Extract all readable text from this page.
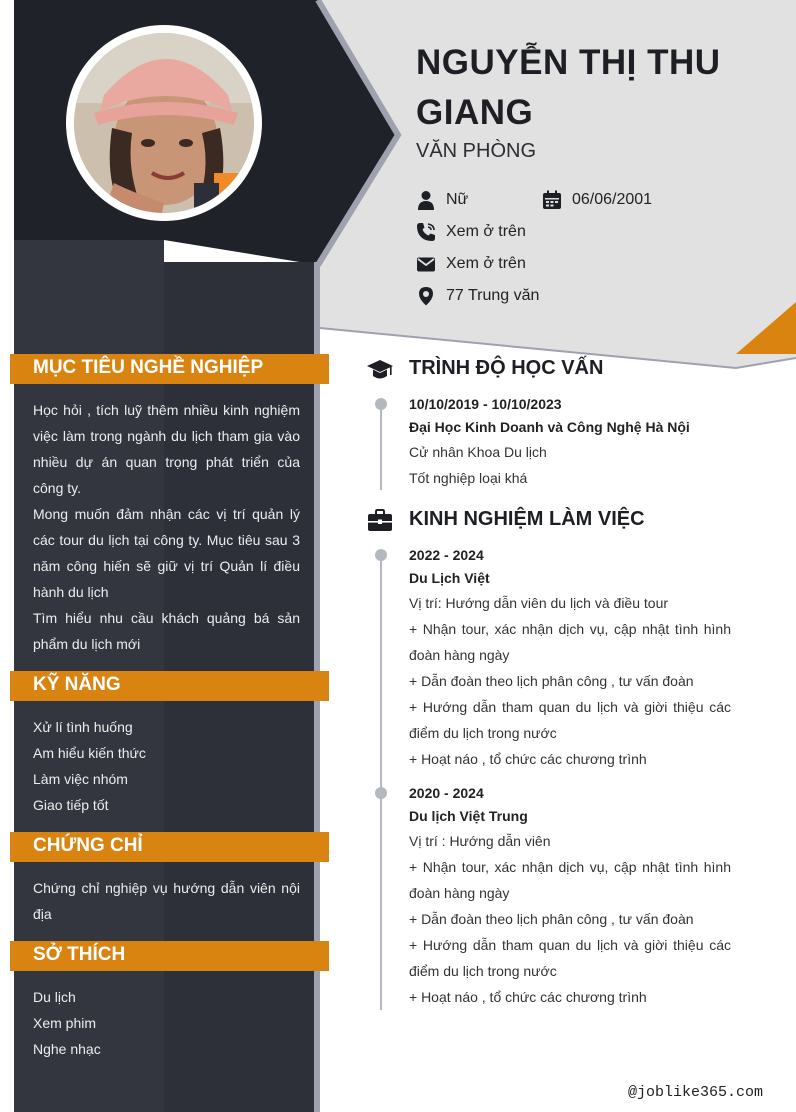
NGUYỄN THỊ THU GIANG
VĂN PHÒNG
Nữ	06/06/2001
Xem ở trên
Xem ở trên
77 Trung văn
MỤC TIÊU NGHỀ NGHIỆP
Học hỏi , tích luỹ thêm nhiều kinh nghiệm việc làm trong ngành du lịch tham gia vào nhiều dự án quan trọng phát triển của công ty.
Mong muốn đảm nhận các vị trí quản lý các tour du lịch tại công ty. Mục tiêu sau 3 năm công hiến sẽ giữ vị trí Quản lí điều hành du lịch
Tìm hiểu nhu cầu khách quảng bá sản phẩm du lịch mới
KỸ NĂNG
Xử lí tình huống
Am hiểu kiến thức
Làm việc nhóm
Giao tiếp tốt
CHỨNG CHỈ
Chứng chỉ nghiệp vụ hướng dẫn viên nội địa
SỞ THÍCH
Du lịch
Xem phim
Nghe nhạc
TRÌNH ĐỘ HỌC VẤN
10/10/2019 - 10/10/2023
Đại Học Kinh Doanh và Công Nghệ Hà Nội
Cử nhân Khoa Du lịch
Tốt nghiệp loại khá
KINH NGHIỆM LÀM VIỆC
2022 - 2024
Du Lịch Việt
Vị trí: Hướng dẫn viên du lịch và điều tour
+ Nhận tour, xác nhận dịch vụ, cập nhật tình hình đoàn hàng ngày
+ Dẫn đoàn theo lịch phân công , tư vấn đoàn
+ Hướng dẫn tham quan du lịch và giời thiệu các điểm du lịch trong nước
+ Hoạt náo , tổ chức các chương trình
2020 - 2024
Du lịch Việt Trung
Vị trí : Hướng dẫn viên
+ Nhận tour, xác nhận dịch vụ, cập nhật tình hình đoàn hàng ngày
+ Dẫn đoàn theo lịch phân công , tư vấn đoàn
+ Hướng dẫn tham quan du lịch và giời thiệu các điểm du lịch trong nước
+ Hoạt náo , tổ chức các chương trình
@joblike365.com
